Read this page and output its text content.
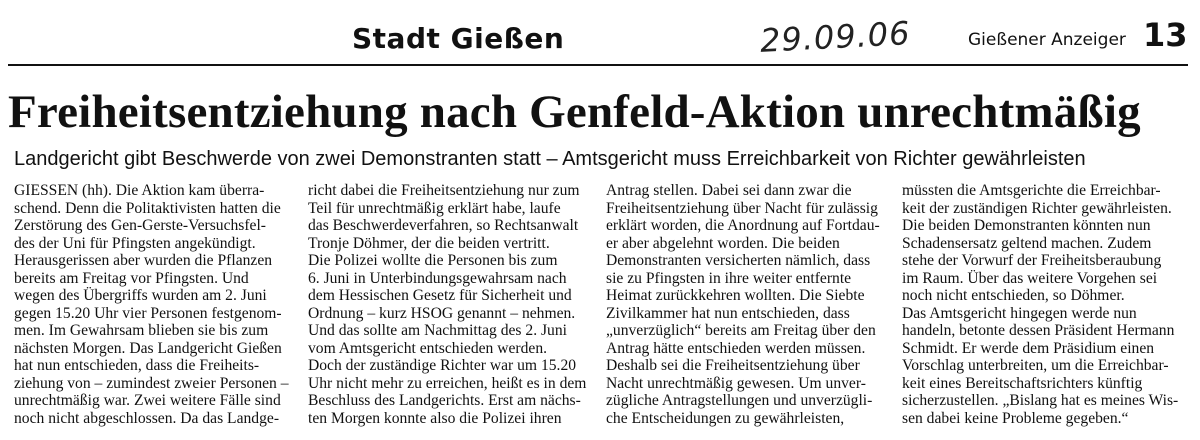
Stadt Gießen	29.09.06	Gießener Anzeiger 13
Freiheitsentziehung nach Genfeld-Aktion unrechtmäßig
Landgericht gibt Beschwerde von zwei Demonstranten statt – Amtsgericht muss Erreichbarkeit von Richter gewährleisten
GIESSEN (hh). Die Aktion kam überra-
schend. Denn die Politaktivisten hatten die
Zerstörung des Gen-Gerste-Versuchsfel-
des der Uni für Pfingsten angekündigt.
Herausgerissen aber wurden die Pflanzen
bereits am Freitag vor Pfingsten. Und
wegen des Übergriffs wurden am 2. Juni
gegen 15.20 Uhr vier Personen festgenom-
men. Im Gewahrsam blieben sie bis zum
nächsten Morgen. Das Landgericht Gießen
hat nun entschieden, dass die Freiheits-
ziehung von – zumindest zweier Personen –
unrechtmäßig war. Zwei weitere Fälle sind
noch nicht abgeschlossen. Da das Landge-
richt dabei die Freiheitsentziehung nur zum
Teil für unrechtmäßig erklärt habe, laufe
das Beschwerdeverfahren, so Rechtsanwalt
Tronje Döhmer, der die beiden vertritt.
Die Polizei wollte die Personen bis zum
6. Juni in Unterbindungsgewahrsam nach
dem Hessischen Gesetz für Sicherheit und
Ordnung – kurz HSOG genannt – nehmen.
Und das sollte am Nachmittag des 2. Juni
vom Amtsgericht entschieden werden.
Doch der zuständige Richter war um 15.20
Uhr nicht mehr zu erreichen, heißt es in dem
Beschluss des Landgerichts. Erst am nächs-
ten Morgen konnte also die Polizei ihren
Antrag stellen. Dabei sei dann zwar die
Freiheitsentziehung über Nacht für zulässig
erklärt worden, die Anordnung auf Fortdau-
er aber abgelehnt worden. Die beiden
Demonstranten versicherten nämlich, dass
sie zu Pfingsten in ihre weiter entfernte
Heimat zurückkehren wollten. Die Siebte
Zivilkammer hat nun entschieden, dass
„unverzüglich“ bereits am Freitag über den
Antrag hätte entschieden werden müssen.
Deshalb sei die Freiheitsentziehung über
Nacht unrechtmäßig gewesen. Um unver-
zügliche Antragstellungen und unverzügli-
che Entscheidungen zu gewährleisten,
müssten die Amtsgerichte die Erreichbar-
keit der zuständigen Richter gewährleisten.
Die beiden Demonstranten könnten nun
Schadensersatz geltend machen. Zudem
stehe der Vorwurf der Freiheitsberaubung
im Raum. Über das weitere Vorgehen sei
noch nicht entschieden, so Döhmer.
Das Amtsgericht hingegen werde nun
handeln, betonte dessen Präsident Hermann
Schmidt. Er werde dem Präsidium einen
Vorschlag unterbreiten, um die Erreichbar-
keit eines Bereitschaftsrichters künftig
sicherzustellen. „Bislang hat es meines Wis-
sen dabei keine Probleme gegeben.“
